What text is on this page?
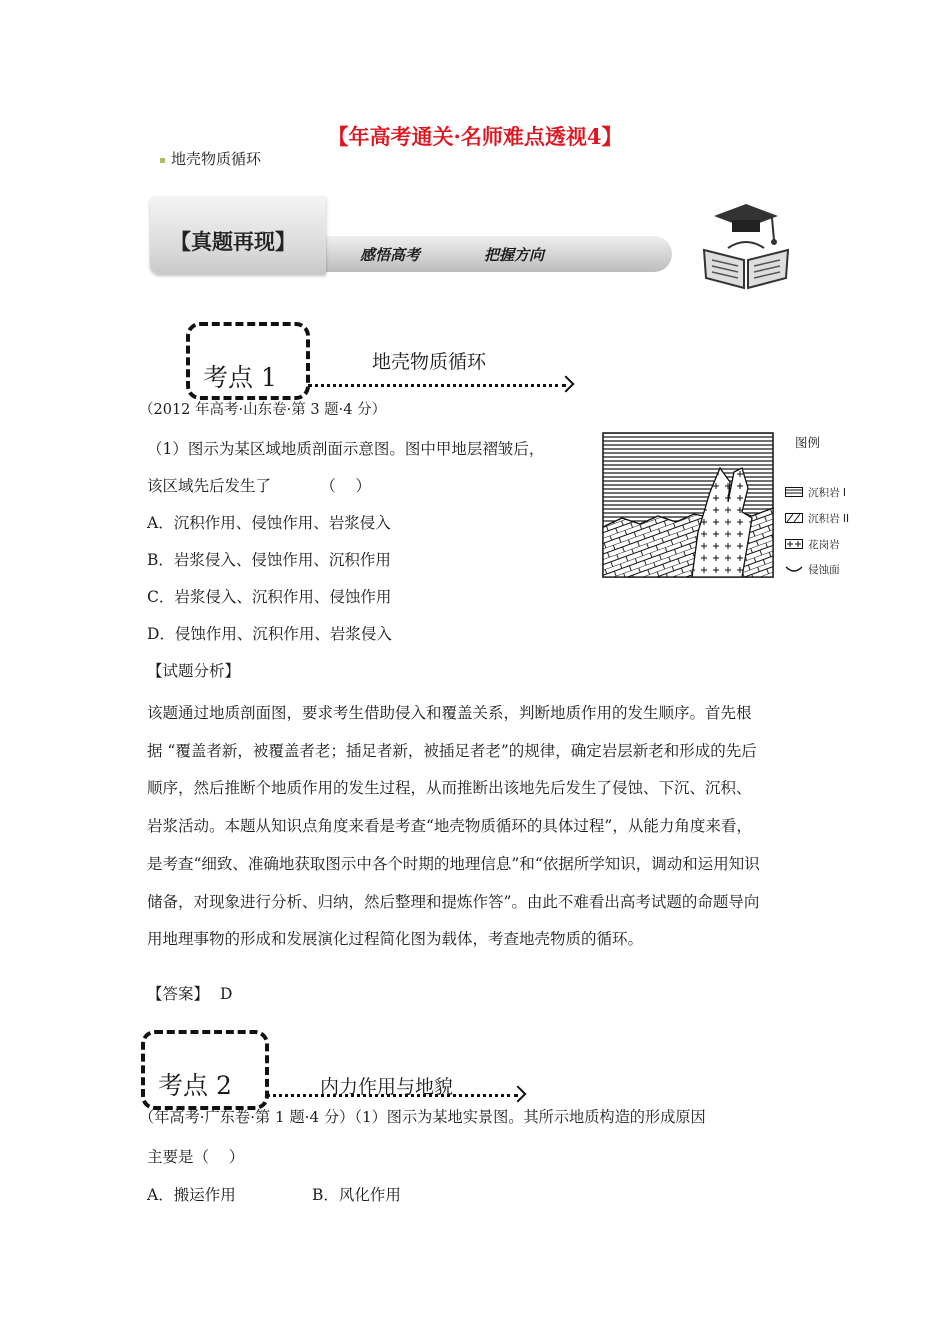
【年高考通关·名师难点透视4】
地壳物质循环
感悟高考	把握方向
【真题再现】
考点 1
地壳物质循环
（2012 年高考·山东卷·第 3 题·4 分）
（1）图示为某区域地质剖面示意图。图中甲地层褶皱后，
该区域先后发生了          （    ）
A．沉积作用、侵蚀作用、岩浆侵入
B．岩浆侵入、侵蚀作用、沉积作用
C．岩浆侵入、沉积作用、侵蚀作用
D．侵蚀作用、沉积作用、岩浆侵入
图例
沉积岩 I
沉积岩 II
花岗岩
侵蚀面
【试题分析】

该题通过地质剖面图，要求考生借助侵入和覆盖关系，判断地质作用的发生顺序。首先根

据 “覆盖者新，被覆盖者老；插足者新，被插足者老”的规律，确定岩层新老和形成的先后

顺序，然后推断个地质作用的发生过程，从而推断出该地先后发生了侵蚀、下沉、沉积、

岩浆活动。本题从知识点角度来看是考查“地壳物质循环的具体过程”，从能力角度来看，

是考查“细致、准确地获取图示中各个时期的地理信息”和“依据所学知识，调动和运用知识

储备，对现象进行分析、归纳，然后整理和提炼作答”。由此不难看出高考试题的命题导向

用地理事物的形成和发展演化过程简化图为载体，考查地壳物质的循环。

【答案】 D
考点 2	内力作用与地貌
（年高考·广东卷·第 1 题·4 分）（1）图示为某地实景图。其所示地质构造的形成原因
主要是（    ）
A．搬运作用	B．风化作用
